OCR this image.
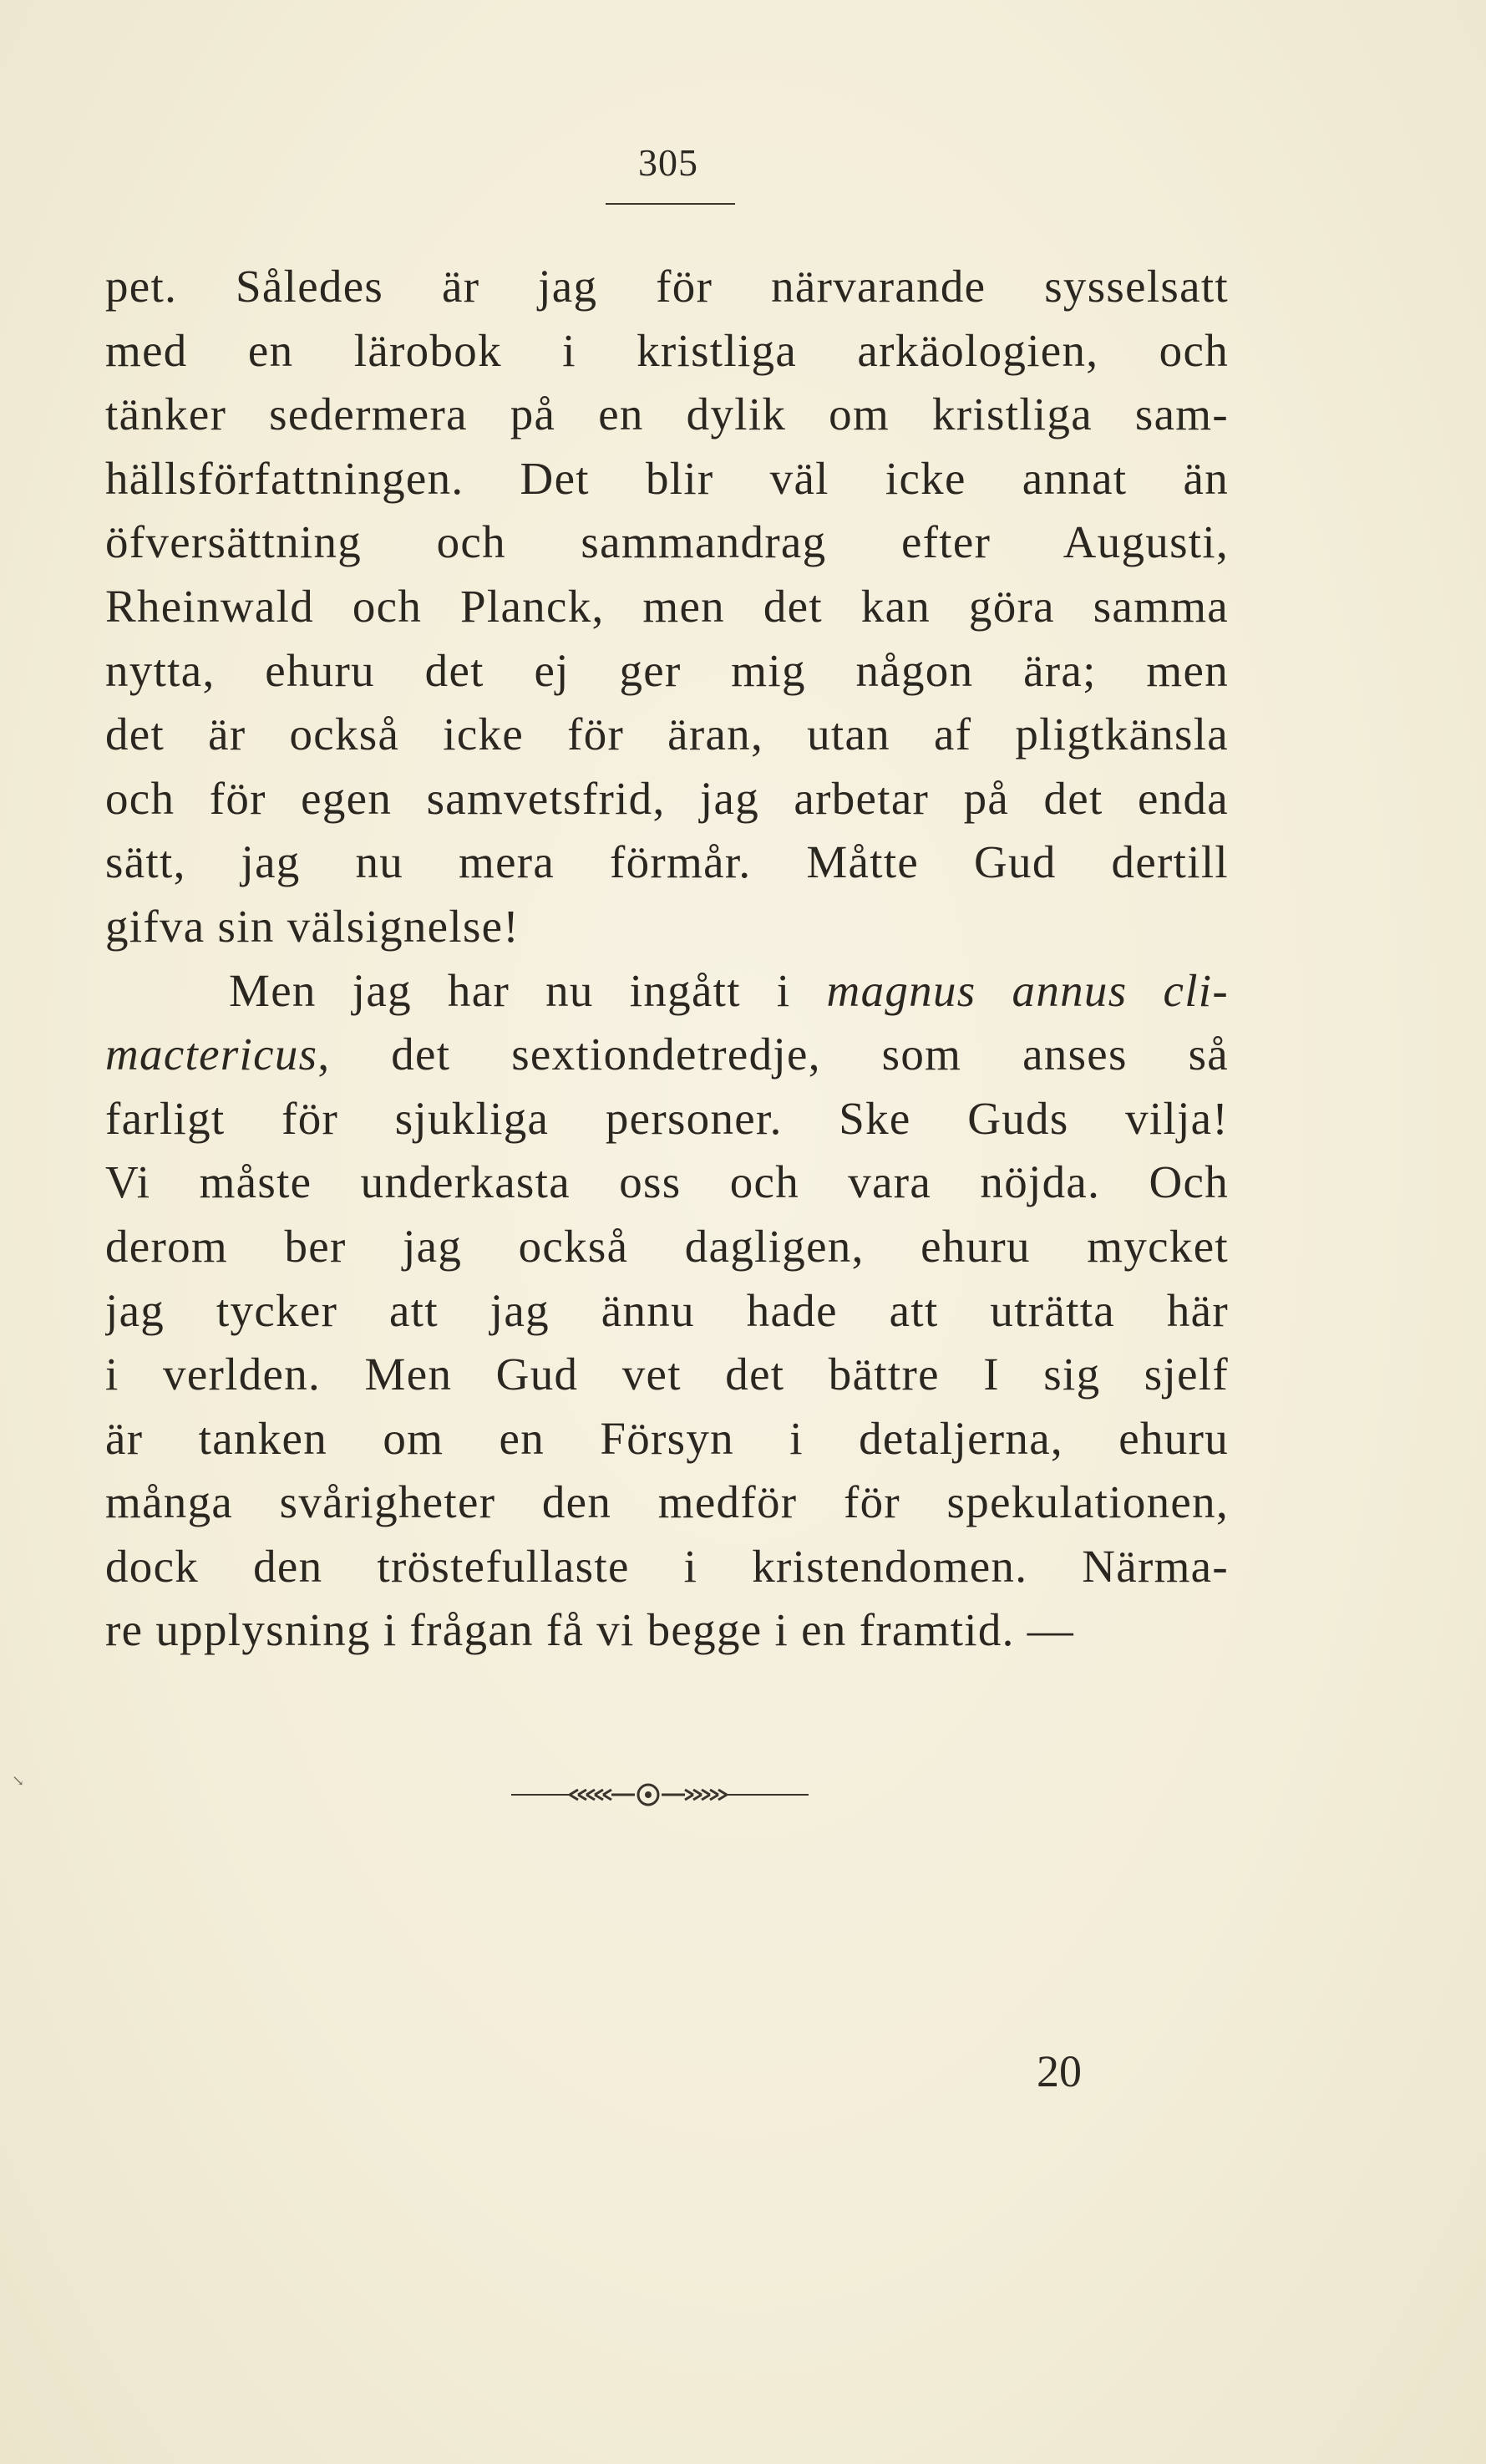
305
pet. Således är jag för närvarande sysselsatt
med en lärobok i kristliga arkäologien, och
tänker sedermera på en dylik om kristliga sam-
hällsförfattningen. Det blir väl icke annat än
öfversättning och sammandrag efter Augusti,
Rheinwald och Planck, men det kan göra samma
nytta, ehuru det ej ger mig någon ära; men
det är också icke för äran, utan af pligtkänsla
och för egen samvetsfrid, jag arbetar på det enda
sätt, jag nu mera förmår. Måtte Gud dertill
gifva sin välsignelse!
Men jag har nu ingått i magnus annus cli-
mactericus, det sextiondetredje, som anses så
farligt för sjukliga personer. Ske Guds vilja!
Vi måste underkasta oss och vara nöjda. Och
derom ber jag också dagligen, ehuru mycket
jag tycker att jag ännu hade att uträtta här
i verlden. Men Gud vet det bättre I sig sjelf
är tanken om en Försyn i detaljerna, ehuru
många svårigheter den medför för spekulationen,
dock den tröstefullaste i kristendomen. Närma-
re upplysning i frågan få vi begge i en framtid. —
↘
20
